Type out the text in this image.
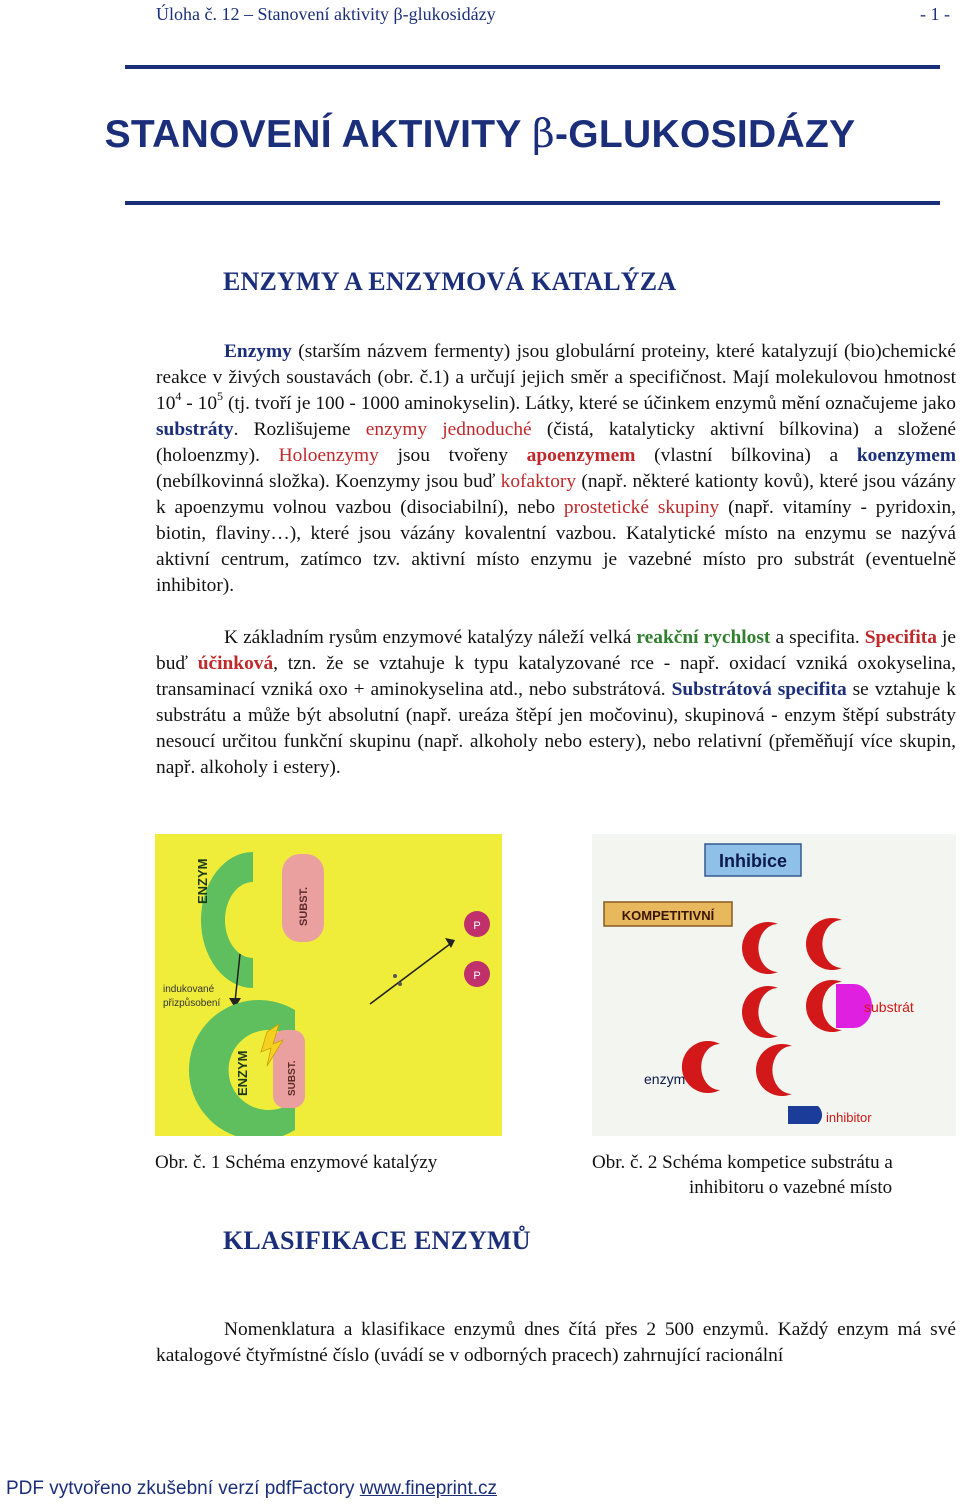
Úloha č. 12 – Stanovení aktivity β-glukosidázy	- 1 -
STANOVENÍ AKTIVITY β-GLUKOSIDÁZY
ENZYMY A ENZYMOVÁ KATALÝZA

Enzymy (starším názvem fermenty) jsou globulární proteiny, které katalyzují (bio)chemické reakce v živých soustavách (obr. č.1) a určují jejich směr a specifičnost. Mají molekulovou hmotnost $10^4 - 10^5$ (tj. tvoří je 100 - 1000 aminokyselin). Látky, které se účinkem enzymů mění označujeme jako substráty. Rozlišujeme enzymy jednoduché (čistá, katalyticky aktivní bílkovina) a složené (holoenzmy). Holoenzymy jsou tvořeny apoenzymem (vlastní bílkovina) a koenzymem (nebílkovinná složka). Koenzymy jsou buď kofaktory (např. některé kationty kovů), které jsou vázány k apoenzymu volnou vazbou (disociabilní), nebo prostetické skupiny (např. vitamíny - pyridoxin, biotin, flaviny…), které jsou vázány kovalentní vazbou. Katalytické místo na enzymu se nazývá aktivní centrum, zatímco tzv. aktivní místo enzymu je vazebné místo pro substrát (eventuelně inhibitor).

K základním rysům enzymové katalýzy náleží velká reakční rychlost a specifita. Specifita je buď účinková, tzn. že se vztahuje k typu katalyzované rce - např. oxidací vzniká oxokyselina, transaminací vzniká oxo + aminokyselina atd., nebo substrátová. Substrátová specifita se vztahuje k substrátu a může být absolutní (např. ureáza štěpí jen močovinu), skupinová - enzym štěpí substráty nesoucí určitou funkční skupinu (např. alkoholy nebo estery), nebo relativní (přeměňují více skupin, např. alkoholy i estery).

ENZYM
SUBST.	P
P
indukované
přizpůsobení
ENZYM	SUBST.
Inhibice
KOMPETITIVNÍ
substrát
enzym
inhibitor
Obr. č. 1 Schéma enzymové katalýzy	Obr. č. 2 Schéma kompetice substrátu a
inhibitoru o vazebné místo
KLASIFIKACE ENZYMŮ

Nomenklatura a klasifikace enzymů dnes čítá přes 2 500 enzymů. Každý enzym má své katalogové čtyřmístné číslo (uvádí se v odborných pracech) zahrnující racionální

PDF vytvořeno zkušební verzí pdfFactory www.fineprint.cz
